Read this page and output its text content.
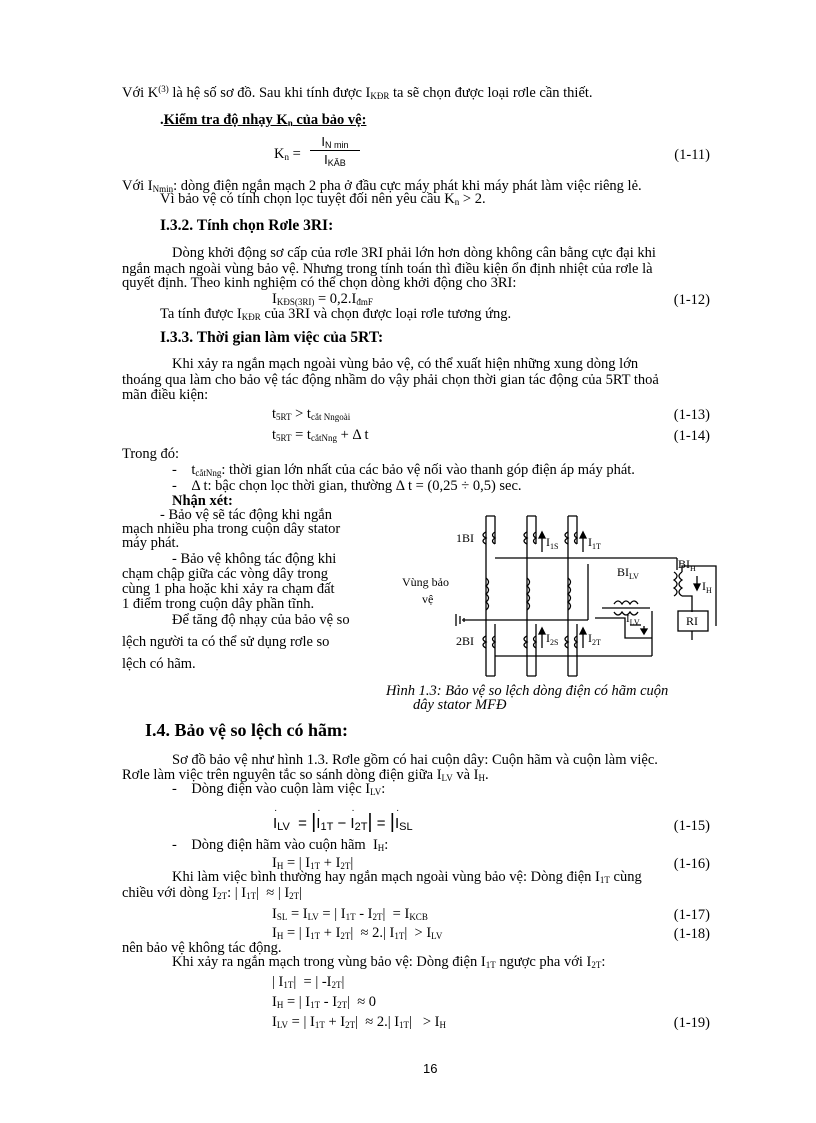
Với $K^{(3)}$ là hệ số sơ đồ. Sau khi tính được $I_{KĐR}$ ta sẽ chọn được loại rơle cần thiết.
.Kiểm tra độ nhạy $K_n$ của bảo vệ:
$K_n$ =
$I_{N min}$
$I_{KĂB}$	(1-11)
Với $I_{Nmin}$: dòng điện ngắn mạch 2 pha ở đầu cực máy phát khi máy phát làm việc riêng lẻ.
Vì bảo vệ có tính chọn lọc tuyệt đối nên yêu cầu $K_n > 2$.
I.3.2. Tính chọn Rơle 3RI:
Dòng khởi động sơ cấp của rơle 3RI phải lớn hơn dòng không cân bằng cực đại khi
ngắn mạch ngoài vùng bảo vệ. Nhưng trong tính toán thì điều kiện ổn định nhiệt của rơle là
quyết định. Theo kinh nghiệm có thể chọn dòng khởi động cho 3RI:
$I_{KĐS(3RI)} = 0,2.I_{đmF}$	(1-12)
Ta tính được $I_{KĐR}$ của 3RI và chọn được loại rơle tương ứng.
I.3.3. Thời gian làm việc của 5RT:
Khi xảy ra ngắn mạch ngoài vùng bảo vệ, có thể xuất hiện những xung dòng lớn
thoáng qua làm cho bảo vệ tác động nhầm do vậy phải chọn thời gian tác động của 5RT thoả
mãn điều kiện:
$t_{5RT} > t_{cắt Nngoài}$	(1-13)
$t_{5RT} = t_{cắtNng} + \Delta$ t	(1-14)
Trong đó:
-    $t_{cắtNng}$: thời gian lớn nhất của các bảo vệ nối vào thanh góp điện áp máy phát.
-    Δ t: bậc chọn lọc thời gian, thường Δ t = (0,25 ÷ 0,5) sec.
Nhận xét:
- Bảo vệ sẽ tác động khi ngắn
mạch nhiều pha trong cuộn dây stator
máy phát.
- Bảo vệ không tác động khi
chạm chập giữa các vòng dây trong
cùng 1 pha hoặc khi xảy ra chạm đất
1 điểm trong cuộn dây phần tĩnh.
Để tăng độ nhạy của bảo vệ so
lệch người ta có thể sử dụng rơle so
lệch có hãm.
1BI
2BI
$I_{1S}$ $I_{1T}$
$I_{2S}$ $I_{2T}$
Vùng bảo
vệ
$BI_{LV}$
$BI_H$
$I_H$
$I_{LV}$	RI
Hình 1.3: Bảo vệ so lệch dòng điện có hãm cuộn
dây stator MFĐ
I.4. Bảo vệ so lệch có hãm:
Sơ đồ bảo vệ như hình 1.3. Rơle gồm có hai cuộn dây: Cuộn hãm và cuộn làm việc.
Rơle làm việc trên nguyên tắc so sánh dòng điện giữa $I_{LV}$ và $I_H$.
-    Dòng điện vào cuộn làm việc $I_{LV}$:
I
·
$_{LV}$  = |I
·
$_{1T}$ − I
·
$_{2T}$| = |I
·
$_{SL}$	(1-15)
-    Dòng điện hãm vào cuộn hãm  $I_H$:
$I_H$ = | $I_{1T} + I_{2T}|$	(1-16)
Khi làm việc bình thường hay ngắn mạch ngoài vùng bảo vệ: Dòng điện $I_{1T}$ cùng
chiều với dòng $I_{2T}$: | $I_{1T}|$  ≈ | $I_{2T}|$
$I_{SL} = I_{LV}$ = | $I_{1T} - I_{2T}| = I_{KCB}$	(1-17)
$I_H$ = | $I_{1T} + I_{2T}| \approx 2.|$ $I_{1T}| > I_{LV}$	(1-18)
nên bảo vệ không tác động.
Khi xảy ra ngắn mạch trong vùng bảo vệ: Dòng điện $I_{1T}$ ngược pha với $I_{2T}$:
| $I_{1T}|$  = | $-I_{2T}|$
$I_H$ = | $I_{1T} - I_{2T}| \approx 0$
$I_{LV}$ = | $I_{1T} + I_{2T}| \approx 2.|$ $I_{1T}| > I_H$	(1-19)
16
